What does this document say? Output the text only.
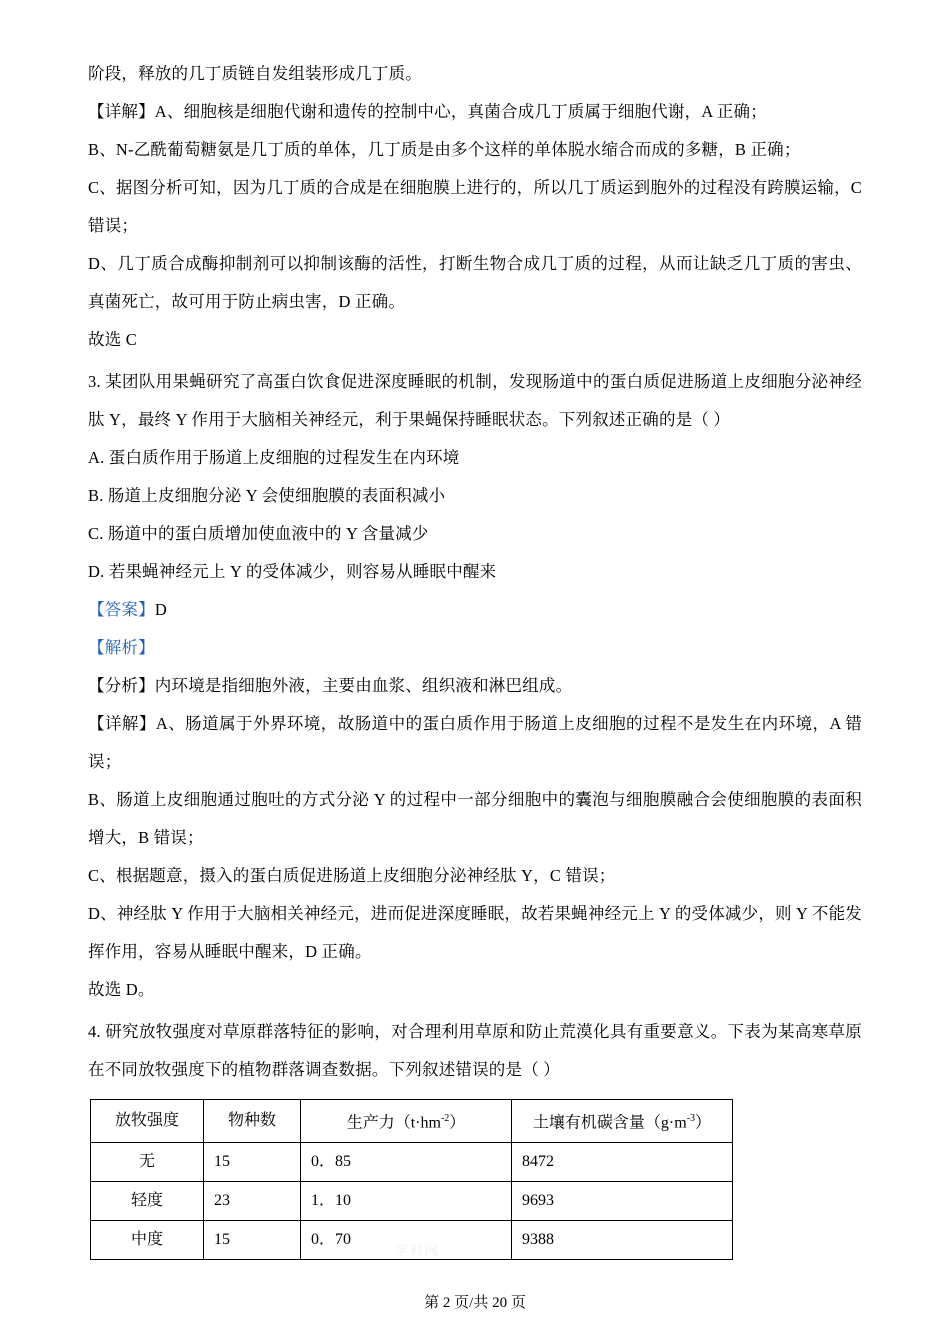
阶段，释放的几丁质链自发组装形成几丁质。

【详解】A、细胞核是细胞代谢和遗传的控制中心，真菌合成几丁质属于细胞代谢，A 正确；

B、N-乙酰葡萄糖氨是几丁质的单体，几丁质是由多个这样的单体脱水缩合而成的多糖，B 正确；

C、据图分析可知，因为几丁质的合成是在细胞膜上进行的，所以几丁质运到胞外的过程没有跨膜运输，C 错误；

D、几丁质合成酶抑制剂可以抑制该酶的活性，打断生物合成几丁质的过程，从而让缺乏几丁质的害虫、真菌死亡，故可用于防止病虫害，D 正确。

故选 C

3. 某团队用果蝇研究了高蛋白饮食促进深度睡眠的机制，发现肠道中的蛋白质促进肠道上皮细胞分泌神经肽 Y，最终 Y 作用于大脑相关神经元，利于果蝇保持睡眠状态。下列叙述正确的是（ ）

A. 蛋白质作用于肠道上皮细胞的过程发生在内环境

B. 肠道上皮细胞分泌 Y 会使细胞膜的表面积减小

C. 肠道中的蛋白质增加使血液中的 Y 含量减少

D. 若果蝇神经元上 Y 的受体减少，则容易从睡眠中醒来

【答案】D

【解析】

【分析】内环境是指细胞外液，主要由血浆、组织液和淋巴组成。

【详解】A、肠道属于外界环境，故肠道中的蛋白质作用于肠道上皮细胞的过程不是发生在内环境，A 错误；

B、肠道上皮细胞通过胞吐的方式分泌 Y 的过程中一部分细胞中的囊泡与细胞膜融合会使细胞膜的表面积增大，B 错误；

C、根据题意，摄入的蛋白质促进肠道上皮细胞分泌神经肽 Y，C 错误；

D、神经肽 Y 作用于大脑相关神经元，进而促进深度睡眠，故若果蝇神经元上 Y 的受体减少，则 Y 不能发挥作用，容易从睡眠中醒来，D 正确。

故选 D。

4. 研究放牧强度对草原群落特征的影响，对合理利用草原和防止荒漠化具有重要意义。下表为某高寒草原在不同放牧强度下的植物群落调查数据。下列叙述错误的是（ ）

放牧强度	物种数	生产力$(t\cdot hm^{-2})$	土壤有机碳含量$(g\cdot m^{-3})$
无	15	0．85	8472
轻度	23	1．10	9693
中度	15	0．70	9388
学科网
第 2 页/共 20 页
